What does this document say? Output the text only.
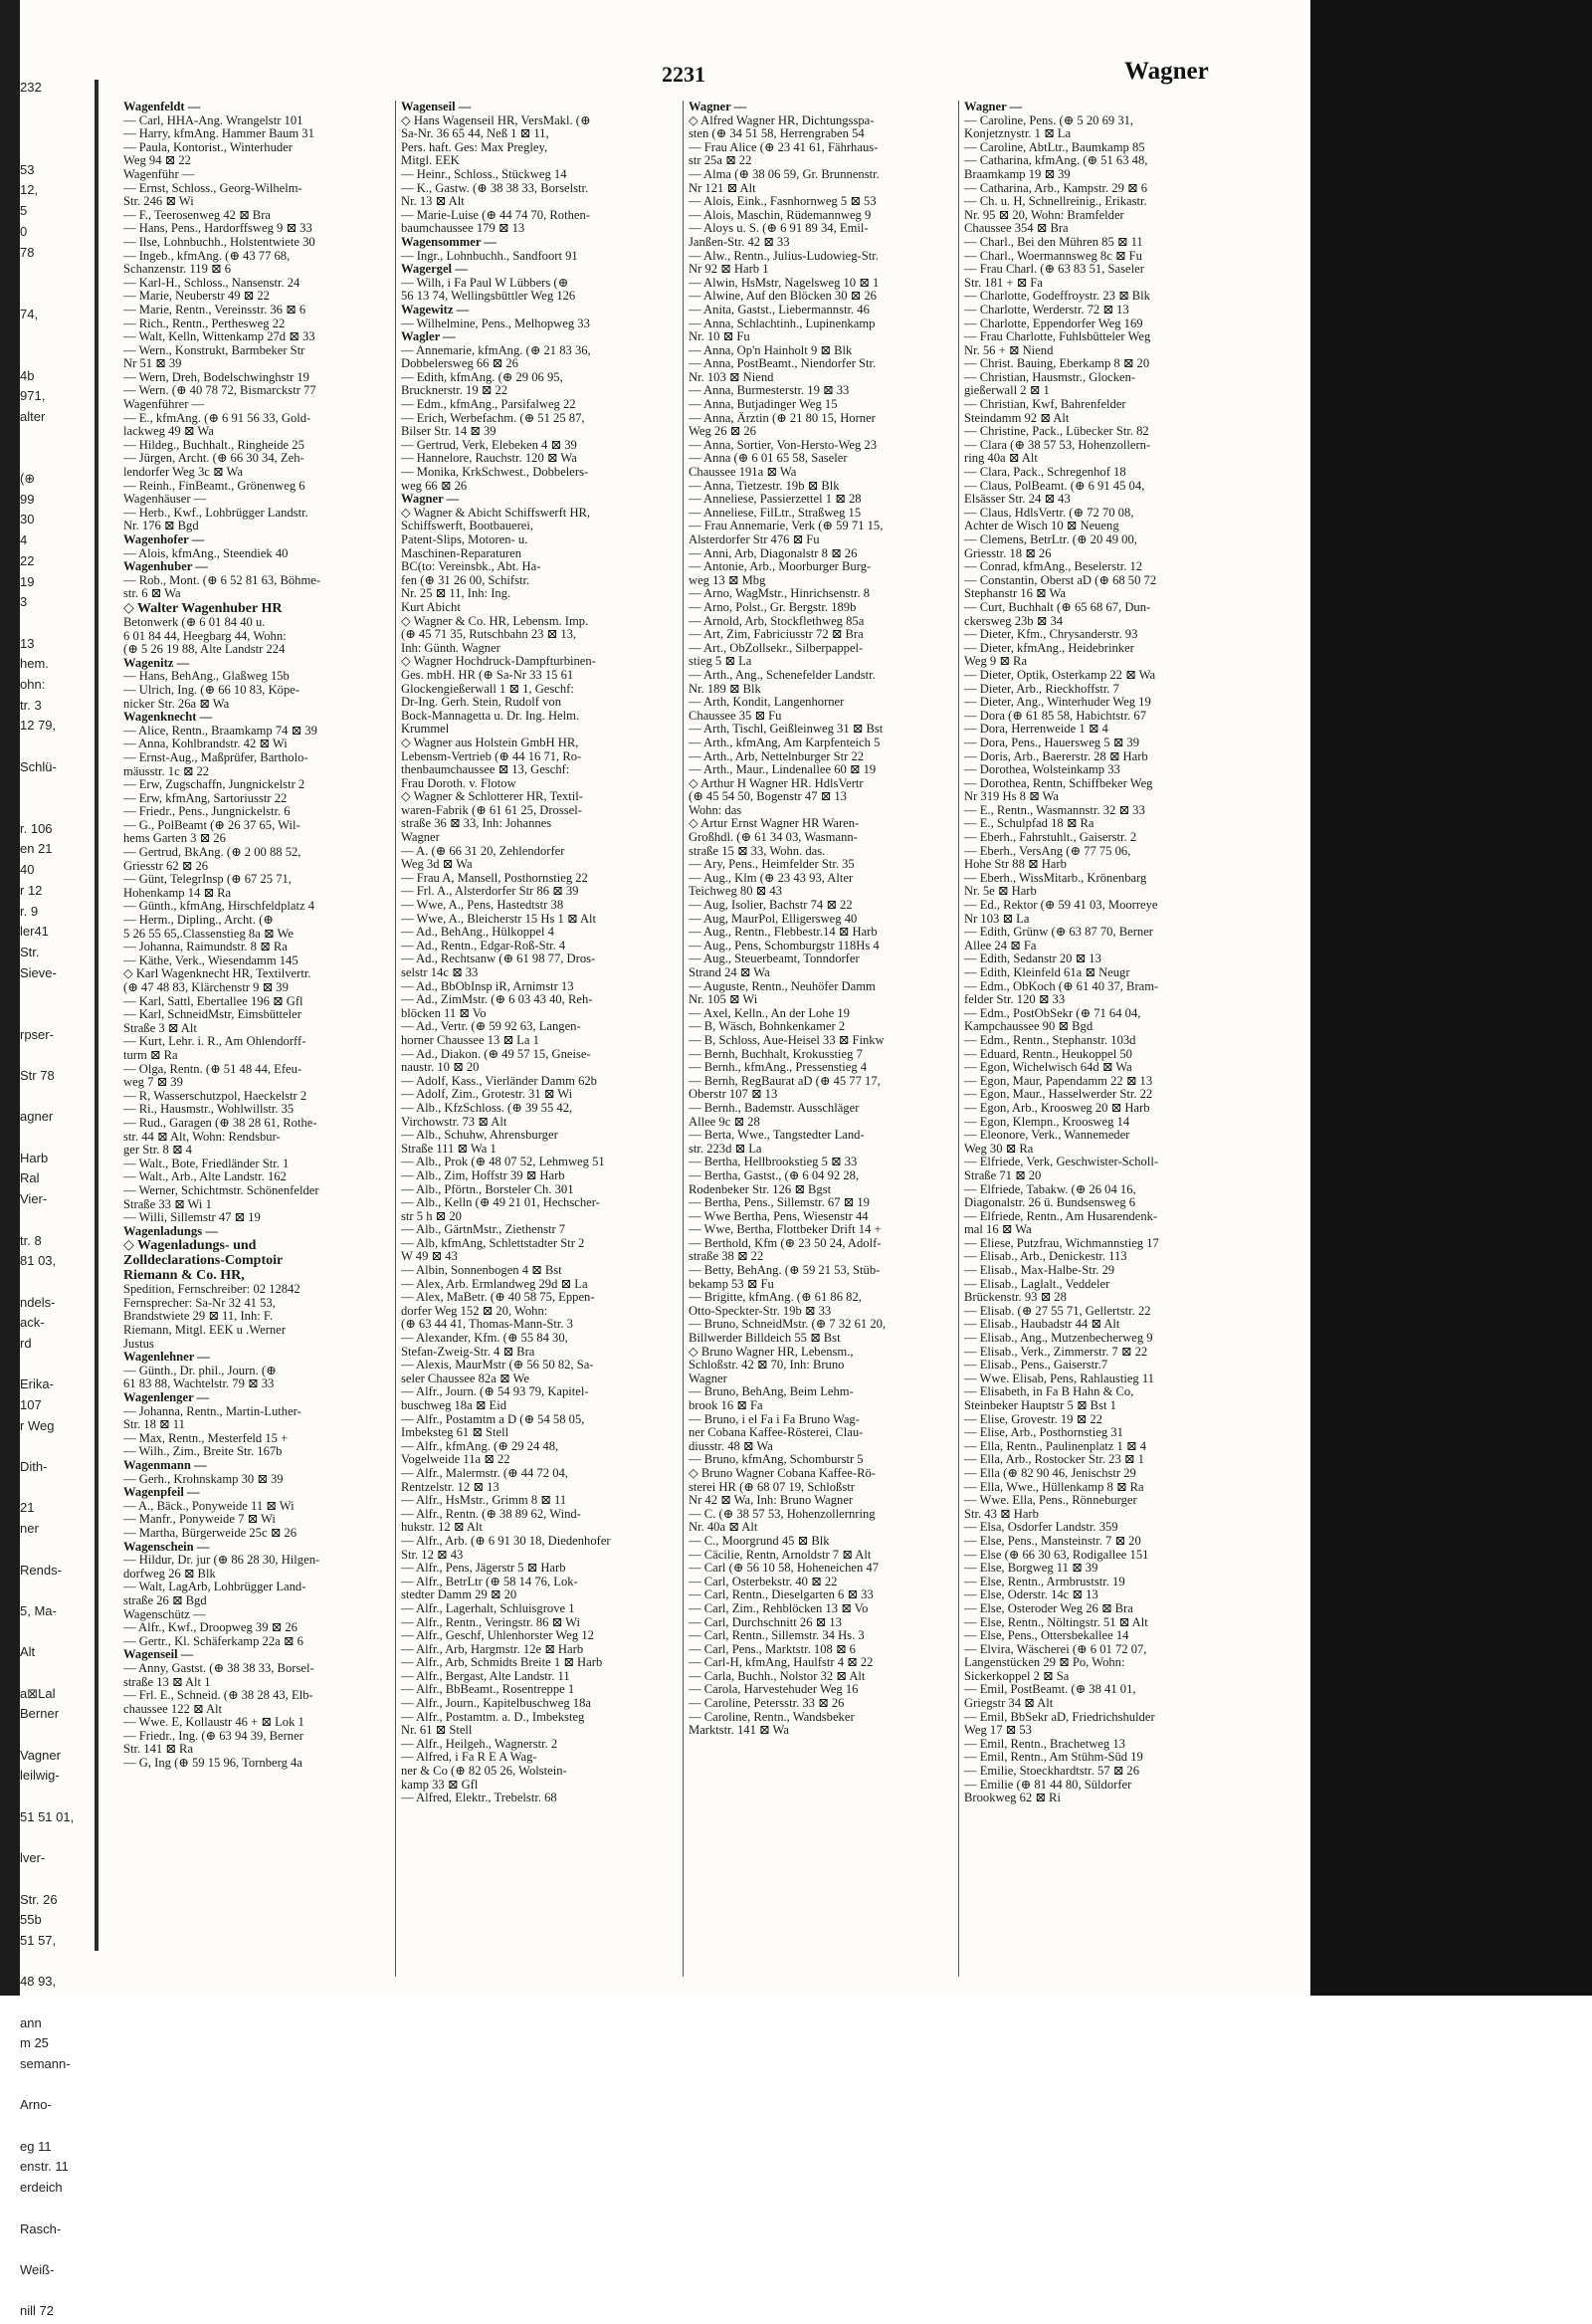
232
53
12,
5
0
78
74,
4b
971,
alter
(⊕
99
30
4
22
19
3
13
hem.
ohn:
tr. 3
12 79,
Schlü-
r. 106
en 21
40
r 12
r. 9
ler41
Str.
Sieve-
rpser-
Str 78
agner
Harb
Ral
Vier-
tr. 8
81 03,
ndels-
ack-
rd
Erika-
107
r Weg
Dith-
21
ner
Rends-
5, Ma-
Alt
a⊠Lal
Berner
Vagner
leilwig-
51 51 01,
lver-
Str. 26
55b
51 57,
48 93,
ann
m 25
semann-
Arno-
eg 11
enstr. 11
erdeich
Rasch-
Weiß-
nill 72
2231	Wagner
Wagenfeldt —
— Carl, HHA-Ang. Wrangelstr 101
— Harry, kfmAng. Hammer Baum 31
— Paula, Kontorist., Winterhuder
Weg 94 ⊠ 22
Wagenführ —
— Ernst, Schloss., Georg-Wilhelm-
Str. 246 ⊠ Wi
— F., Teerosenweg 42 ⊠ Bra
— Hans, Pens., Hardorffsweg 9 ⊠ 33
— Ilse, Lohnbuchh., Holstentwiete 30
— Ingeb., kfmAng. (⊕ 43 77 68,
Schanzenstr. 119 ⊠ 6
— Karl-H., Schloss., Nansenstr. 24
— Marie, Neuberstr 49 ⊠ 22
— Marie, Rentn., Vereinsstr. 36 ⊠ 6
— Rich., Rentn., Perthesweg 22
— Walt, Kelln, Wittenkamp 27d ⊠ 33
— Wern., Konstrukt, Barmbeker Str
Nr 51 ⊠ 39
— Wern, Dreh, Bodelschwinghstr 19
— Wern. (⊕ 40 78 72, Bismarckstr 77
Wagenführer —
— E., kfmAng. (⊕ 6 91 56 33, Gold-
lackweg 49 ⊠ Wa
— Hildeg., Buchhalt., Ringheide 25
— Jürgen, Archt. (⊕ 66 30 34, Zeh-
lendorfer Weg 3c ⊠ Wa
— Reinh., FinBeamt., Grönenweg 6
Wagenhäuser —
— Herb., Kwf., Lohbrügger Landstr.
Nr. 176 ⊠ Bgd
Wagenhofer —
— Alois, kfmAng., Steendiek 40
Wagenhuber —
— Rob., Mont. (⊕ 6 52 81 63, Böhme-
str. 6 ⊠ Wa
◇ Walter Wagenhuber HR
Betonwerk (⊕ 6 01 84 40 u.
6 01 84 44, Heegbarg 44, Wohn:
(⊕ 5 26 19 88, Alte Landstr 224
Wagenitz —
— Hans, BehAng., Glaßweg 15b
— Ulrich, Ing. (⊕ 66 10 83, Köpe-
nicker Str. 26a ⊠ Wa
Wagenknecht —
— Alice, Rentn., Braamkamp 74 ⊠ 39
— Anna, Kohlbrandstr. 42 ⊠ Wi
— Ernst-Aug., Maßprüfer, Bartholo-
mäusstr. 1c ⊠ 22
— Erw, Zugschaffn, Jungnickelstr 2
— Erw, kfmAng, Sartoriusstr 22
— Friedr., Pens., Jungnickelstr. 6
— G., PolBeamt (⊕ 26 37 65, Wil-
hems Garten 3 ⊠ 26
— Gertrud, BkAng. (⊕ 2 00 88 52,
Griesstr 62 ⊠ 26
— Günt, TelegrInsp (⊕ 67 25 71,
Hohenkamp 14 ⊠ Ra
— Günth., kfmAng, Hirschfeldplatz 4
— Herm., Dipling., Archt. (⊕
5 26 55 65,.Classenstieg 8a ⊠ We
— Johanna, Raimundstr. 8 ⊠ Ra
— Käthe, Verk., Wiesendamm 145
◇ Karl Wagenknecht HR, Textilvertr.
(⊕ 47 48 83, Klärchenstr 9 ⊠ 39
— Karl, Sattl, Ebertallee 196 ⊠ Gfl
— Karl, SchneidMstr, Eimsbütteler
Straße 3 ⊠ Alt
— Kurt, Lehr. i. R., Am Ohlendorff-
turm ⊠ Ra
— Olga, Rentn. (⊕ 51 48 44, Efeu-
weg 7 ⊠ 39
— R, Wasserschutzpol, Haeckelstr 2
— Ri., Hausmstr., Wohlwillstr. 35
— Rud., Garagen (⊕ 38 28 61, Rothe-
str. 44 ⊠ Alt, Wohn: Rendsbur-
ger Str. 8 ⊠ 4
— Walt., Bote, Friedländer Str. 1
— Walt., Arb., Alte Landstr. 162
— Werner, Schichtmstr. Schönenfelder
Straße 33 ⊠ Wi 1
— Willi, Sillemstr 47 ⊠ 19
Wagenladungs —
◇ Wagenladungs- und
Zolldeclarations-Comptoir
Riemann & Co. HR,
Spedition, Fernschreiber: 02 12842
Fernsprecher: Sa-Nr 32 41 53,
Brandstwiete 29 ⊠ 11, Inh: F.
Riemann, Mitgl. EEK u .Werner
Justus
Wagenlehner —
— Günth., Dr. phil., Journ. (⊕
61 83 88, Wachtelstr. 79 ⊠ 33
Wagenlenger —
— Johanna, Rentn., Martin-Luther-
Str. 18 ⊠ 11
— Max, Rentn., Mesterfeld 15 +
— Wilh., Zim., Breite Str. 167b
Wagenmann —
— Gerh., Krohnskamp 30 ⊠ 39
Wagenpfeil —
— A., Bäck., Ponyweide 11 ⊠ Wi
— Manfr., Ponyweide 7 ⊠ Wi
— Martha, Bürgerweide 25c ⊠ 26
Wagenschein —
— Hildur, Dr. jur (⊕ 86 28 30, Hilgen-
dorfweg 26 ⊠ Blk
— Walt, LagArb, Lohbrügger Land-
straße 26 ⊠ Bgd
Wagenschütz —
— Alfr., Kwf., Droopweg 39 ⊠ 26
— Gertr., Kl. Schäferkamp 22a ⊠ 6
Wagenseil —
— Anny, Gastst. (⊕ 38 38 33, Borsel-
straße 13 ⊠ Alt 1
— Frl. E., Schneid. (⊕ 38 28 43, Elb-
chaussee 122 ⊠ Alt
— Wwe. E, Kollaustr 46 + ⊠ Lok 1
— Friedr., Ing. (⊕ 63 94 39, Berner
Str. 141 ⊠ Ra
— G, Ing (⊕ 59 15 96, Tornberg 4a
Wagenseil —
◇ Hans Wagenseil HR, VersMakl. (⊕
Sa-Nr. 36 65 44, Neß 1 ⊠ 11,
Pers. haft. Ges: Max Pregley,
Mitgl. EEK
— Heinr., Schloss., Stückweg 14
— K., Gastw. (⊕ 38 38 33, Borselstr.
Nr. 13 ⊠ Alt
— Marie-Luise (⊕ 44 74 70, Rothen-
baumchaussee 179 ⊠ 13
Wagensommer —
— Ingr., Lohnbuchh., Sandfoort 91
Wagergel —
— Wilh, i Fa Paul W Lübbers (⊕
56 13 74, Wellingsbüttler Weg 126
Wagewitz —
— Wilhelmine, Pens., Melhopweg 33
Wagler —
— Annemarie, kfmAng. (⊕ 21 83 36,
Dobbelersweg 66 ⊠ 26
— Edith, kfmAng. (⊕ 29 06 95,
Brucknerstr. 19 ⊠ 22
— Edm., kfmAng., Parsifalweg 22
— Erich, Werbefachm. (⊕ 51 25 87,
Bilser Str. 14 ⊠ 39
— Gertrud, Verk, Elebeken 4 ⊠ 39
— Hannelore, Rauchstr. 120 ⊠ Wa
— Monika, KrkSchwest., Dobbelers-
weg 66 ⊠ 26
Wagner —
◇ Wagner & Abicht Schiffswerft HR,
Schiffswerft, Bootbauerei,
Patent-Slips, Motoren- u.
Maschinen-Reparaturen
BC(to: Vereinsbk., Abt. Ha-
fen (⊕ 31 26 00, Schifstr.
Nr. 25 ⊠ 11, Inh: Ing.
Kurt Abicht
◇ Wagner & Co. HR, Lebensm. Imp.
(⊕ 45 71 35, Rutschbahn 23 ⊠ 13,
Inh: Günth. Wagner
◇ Wagner Hochdruck-Dampfturbinen-
Ges. mbH. HR (⊕ Sa-Nr 33 15 61
Glockengießerwall 1 ⊠ 1, Geschf:
Dr-Ing. Gerh. Stein, Rudolf von
Bock-Mannagetta u. Dr. Ing. Helm.
Krummel
◇ Wagner aus Holstein GmbH HR,
Lebensm-Vertrieb (⊕ 44 16 71, Ro-
thenbaumchaussee ⊠ 13, Geschf:
Frau Doroth. v. Flotow
◇ Wagner & Schlotterer HR, Textil-
waren-Fabrik (⊕ 61 61 25, Drossel-
straße 36 ⊠ 33, Inh: Johannes
Wagner
— A. (⊕ 66 31 20, Zehlendorfer
Weg 3d ⊠ Wa
— Frau A, Mansell, Posthornstieg 22
— Frl. A., Alsterdorfer Str 86 ⊠ 39
— Wwe, A., Pens, Hastedtstr 38
— Wwe, A., Bleicherstr 15 Hs 1 ⊠ Alt
— Ad., BehAng., Hülkoppel 4
— Ad., Rentn., Edgar-Roß-Str. 4
— Ad., Rechtsanw (⊕ 61 98 77, Dros-
selstr 14c ⊠ 33
— Ad., BbObInsp iR, Arnimstr 13
— Ad., ZimMstr. (⊕ 6 03 43 40, Reh-
blöcken 11 ⊠ Vo
— Ad., Vertr. (⊕ 59 92 63, Langen-
horner Chaussee 13 ⊠ La 1
— Ad., Diakon. (⊕ 49 57 15, Gneise-
naustr. 10 ⊠ 20
— Adolf, Kass., Vierländer Damm 62b
— Adolf, Zim., Grotestr. 31 ⊠ Wi
— Alb., KfzSchloss. (⊕ 39 55 42,
Virchowstr. 73 ⊠ Alt
— Alb., Schuhw, Ahrensburger
Straße 111 ⊠ Wa 1
— Alb., Prok (⊕ 48 07 52, Lehmweg 51
— Alb., Zim, Hoffstr 39 ⊠ Harb
— Alb., Pförtn., Borsteler Ch. 301
— Alb., Kelln (⊕ 49 21 01, Hechscher-
str 5 h ⊠ 20
— Alb., GärtnMstr., Ziethenstr 7
— Alb, kfmAng, Schlettstadter Str 2
W 49 ⊠ 43
— Albin, Sonnenbogen 4 ⊠ Bst
— Alex, Arb. Ermlandweg 29d ⊠ La
— Alex, MaBetr. (⊕ 40 58 75, Eppen-
dorfer Weg 152 ⊠ 20, Wohn:
(⊕ 63 44 41, Thomas-Mann-Str. 3
— Alexander, Kfm. (⊕ 55 84 30,
Stefan-Zweig-Str. 4 ⊠ Bra
— Alexis, MaurMstr (⊕ 56 50 82, Sa-
seler Chaussee 82a ⊠ We
— Alfr., Journ. (⊕ 54 93 79, Kapitel-
buschweg 18a ⊠ Eid
— Alfr., Postamtm a D (⊕ 54 58 05,
Imbeksteg 61 ⊠ Stell
— Alfr., kfmAng. (⊕ 29 24 48,
Vogelweide 11a ⊠ 22
— Alfr., Malermstr. (⊕ 44 72 04,
Rentzelstr. 12 ⊠ 13
— Alfr., HsMstr., Grimm 8 ⊠ 11
— Alfr., Rentn. (⊕ 38 89 62, Wind-
hukstr. 12 ⊠ Alt
— Alfr., Arb. (⊕ 6 91 30 18, Diedenhofer
Str. 12 ⊠ 43
— Alfr., Pens, Jägerstr 5 ⊠ Harb
— Alfr., BetrLtr (⊕ 58 14 76, Lok-
stedter Damm 29 ⊠ 20
— Alfr., Lagerhalt, Schluisgrove 1
— Alfr., Rentn., Veringstr. 86 ⊠ Wi
— Alfr., Geschf, Uhlenhorster Weg 12
— Alfr., Arb, Hargmstr. 12e ⊠ Harb
— Alfr., Arb, Schmidts Breite 1 ⊠ Harb
— Alfr., Bergast, Alte Landstr. 11
— Alfr., BbBeamt., Rosentreppe 1
— Alfr., Journ., Kapitelbuschweg 18a
— Alfr., Postamtm. a. D., Imbeksteg
Nr. 61 ⊠ Stell
— Alfr., Heilgeh., Wagnerstr. 2
— Alfred, i Fa R E A Wag-
ner & Co (⊕ 82 05 26, Wolstein-
kamp 33 ⊠ Gfl
— Alfred, Elektr., Trebelstr. 68
Wagner —
◇ Alfred Wagner HR, Dichtungsspa-
sten (⊕ 34 51 58, Herrengraben 54
— Frau Alice (⊕ 23 41 61, Fährhaus-
str 25a ⊠ 22
— Alma (⊕ 38 06 59, Gr. Brunnenstr.
Nr 121 ⊠ Alt
— Alois, Eink., Fasnhornweg 5 ⊠ 53
— Alois, Maschin, Rüdemannweg 9
— Aloys u. S. (⊕ 6 91 89 34, Emil-
Janßen-Str. 42 ⊠ 33
— Alw., Rentn., Julius-Ludowieg-Str.
Nr 92 ⊠ Harb 1
— Alwin, HsMstr, Nagelsweg 10 ⊠ 1
— Alwine, Auf den Blöcken 30 ⊠ 26
— Anita, Gastst., Liebermannstr. 46
— Anna, Schlachtinh., Lupinenkamp
Nr. 10 ⊠ Fu
— Anna, Op'n Hainholt 9 ⊠ Blk
— Anna, PostBeamt., Niendorfer Str.
Nr. 103 ⊠ Niend
— Anna, Burmesterstr. 19 ⊠ 33
— Anna, Butjadinger Weg 15
— Anna, Ärztin (⊕ 21 80 15, Horner
Weg 26 ⊠ 26
— Anna, Sortier, Von-Hersto-Weg 23
— Anna (⊕ 6 01 65 58, Saseler
Chaussee 191a ⊠ Wa
— Anna, Tietzestr. 19b ⊠ Blk
— Anneliese, Passierzettel 1 ⊠ 28
— Anneliese, FilLtr., Straßweg 15
— Frau Annemarie, Verk (⊕ 59 71 15,
Alsterdorfer Str 476 ⊠ Fu
— Anni, Arb, Diagonalstr 8 ⊠ 26
— Antonie, Arb., Moorburger Burg-
weg 13 ⊠ Mbg
— Arno, WagMstr., Hinrichsenstr. 8
— Arno, Polst., Gr. Bergstr. 189b
— Arnold, Arb, Stockflethweg 85a
— Art, Zim, Fabriciusstr 72 ⊠ Bra
— Art., ObZollsekr., Silberpappel-
stieg 5 ⊠ La
— Arth., Ang., Schenefelder Landstr.
Nr. 189 ⊠ Blk
— Arth, Kondit, Langenhorner
Chaussee 35 ⊠ Fu
— Arth, Tischl, Geißleinweg 31 ⊠ Bst
— Arth., kfmAng, Am Karpfenteich 5
— Arth., Arb, Nettelnburger Str 22
— Arth., Maur., Lindenallee 60 ⊠ 19
◇ Arthur H Wagner HR. HdlsVertr
(⊕ 45 54 50, Bogenstr 47 ⊠ 13
Wohn: das
◇ Artur Ernst Wagner HR Waren-
Großhdl. (⊕ 61 34 03, Wasmann-
straße 15 ⊠ 33, Wohn. das.
— Ary, Pens., Heimfelder Str. 35
— Aug., Klm (⊕ 23 43 93, Alter
Teichweg 80 ⊠ 43
— Aug, Isolier, Bachstr 74 ⊠ 22
— Aug, MaurPol, Elligersweg 40
— Aug., Rentn., Flebbestr.14 ⊠ Harb
— Aug., Pens, Schomburgstr 118Hs 4
— Aug., Steuerbeamt, Tonndorfer
Strand 24 ⊠ Wa
— Auguste, Rentn., Neuhöfer Damm
Nr. 105 ⊠ Wi
— Axel, Kelln., An der Lohe 19
— B, Wäsch, Bohnkenkamer 2
— B, Schloss, Aue-Heisel 33 ⊠ Finkw
— Bernh, Buchhalt, Krokusstieg 7
— Bernh., kfmAng., Pressenstieg 4
— Bernh, RegBaurat aD (⊕ 45 77 17,
Oberstr 107 ⊠ 13
— Bernh., Bademstr. Ausschläger
Allee 9c ⊠ 28
— Berta, Wwe., Tangstedter Land-
str. 223d ⊠ La
— Bertha, Hellbrookstieg 5 ⊠ 33
— Bertha, Gastst., (⊕ 6 04 92 28,
Rodenbeker Str. 126 ⊠ Bgst
— Bertha, Pens., Sillemstr. 67 ⊠ 19
— Wwe Bertha, Pens, Wiesenstr 44
— Wwe, Bertha, Flottbeker Drift 14 +
— Berthold, Kfm (⊕ 23 50 24, Adolf-
straße 38 ⊠ 22
— Betty, BehAng. (⊕ 59 21 53, Stüb-
bekamp 53 ⊠ Fu
— Brigitte, kfmAng. (⊕ 61 86 82,
Otto-Speckter-Str. 19b ⊠ 33
— Bruno, SchneidMstr. (⊕ 7 32 61 20,
Billwerder Billdeich 55 ⊠ Bst
◇ Bruno Wagner HR, Lebensm.,
Schloßstr. 42 ⊠ 70, Inh: Bruno
Wagner
— Bruno, BehAng, Beim Lehm-
brook 16 ⊠ Fa
— Bruno, i el Fa i Fa Bruno Wag-
ner Cobana Kaffee-Rösterei, Clau-
diusstr. 48 ⊠ Wa
— Bruno, kfmAng, Schomburstr 5
◇ Bruno Wagner Cobana Kaffee-Rö-
sterei HR (⊕ 68 07 19, Schloßstr
Nr 42 ⊠ Wa, Inh: Bruno Wagner
— C. (⊕ 38 57 53, Hohenzollernring
Nr. 40a ⊠ Alt
— C., Moorgrund 45 ⊠ Blk
— Cäcilie, Rentn, Arnoldstr 7 ⊠ Alt
— Carl (⊕ 56 10 58, Hoheneichen 47
— Carl, Osterbekstr. 40 ⊠ 22
— Carl, Rentn., Dieselgarten 6 ⊠ 33
— Carl, Zim., Rehblöcken 13 ⊠ Vo
— Carl, Durchschnitt 26 ⊠ 13
— Carl, Rentn., Sillemstr. 34 Hs. 3
— Carl, Pens., Marktstr. 108 ⊠ 6
— Carl-H, kfmAng, Haulfstr 4 ⊠ 22
— Carla, Buchh., Nolstor 32 ⊠ Alt
— Carola, Harvestehuder Weg 16
— Caroline, Petersstr. 33 ⊠ 26
— Caroline, Rentn., Wandsbeker
Marktstr. 141 ⊠ Wa
Wagner —
— Caroline, Pens. (⊕ 5 20 69 31,
Konjetznystr. 1 ⊠ La
— Caroline, AbtLtr., Baumkamp 85
— Catharina, kfmAng. (⊕ 51 63 48,
Braamkamp 19 ⊠ 39
— Catharina, Arb., Kampstr. 29 ⊠ 6
— Ch. u. H, Schnellreinig., Erikastr.
Nr. 95 ⊠ 20, Wohn: Bramfelder
Chaussee 354 ⊠ Bra
— Charl., Bei den Mühren 85 ⊠ 11
— Charl., Woermannsweg 8c ⊠ Fu
— Frau Charl. (⊕ 63 83 51, Saseler
Str. 181 + ⊠ Fa
— Charlotte, Godeffroystr. 23 ⊠ Blk
— Charlotte, Werderstr. 72 ⊠ 13
— Charlotte, Eppendorfer Weg 169
— Frau Charlotte, Fuhlsbütteler Weg
Nr. 56 + ⊠ Niend
— Christ. Bauing, Eberkamp 8 ⊠ 20
— Christian, Hausmstr., Glocken-
gießerwall 2 ⊠ 1
— Christian, Kwf, Bahrenfelder
Steindamm 92 ⊠ Alt
— Christine, Pack., Lübecker Str. 82
— Clara (⊕ 38 57 53, Hohenzollern-
ring 40a ⊠ Alt
— Clara, Pack., Schregenhof 18
— Claus, PolBeamt. (⊕ 6 91 45 04,
Elsässer Str. 24 ⊠ 43
— Claus, HdlsVertr. (⊕ 72 70 08,
Achter de Wisch 10 ⊠ Neueng
— Clemens, BetrLtr. (⊕ 20 49 00,
Griesstr. 18 ⊠ 26
— Conrad, kfmAng., Beselerstr. 12
— Constantin, Oberst aD (⊕ 68 50 72
Stephanstr 16 ⊠ Wa
— Curt, Buchhalt (⊕ 65 68 67, Dun-
ckersweg 23b ⊠ 34
— Dieter, Kfm., Chrysanderstr. 93
— Dieter, kfmAng., Heidebrinker
Weg 9 ⊠ Ra
— Dieter, Optik, Osterkamp 22 ⊠ Wa
— Dieter, Arb., Rieckhoffstr. 7
— Dieter, Ang., Winterhuder Weg 19
— Dora (⊕ 61 85 58, Habichtstr. 67
— Dora, Herrenweide 1 ⊠ 4
— Dora, Pens., Hauersweg 5 ⊠ 39
— Doris, Arb., Baererstr. 28 ⊠ Harb
— Dorothea, Wolsteinkamp 33
— Dorothea, Rentn, Schiffbeker Weg
Nr 319 Hs 8 ⊠ Wa
— E., Rentn., Wasmannstr. 32 ⊠ 33
— E., Schulpfad 18 ⊠ Ra
— Eberh., Fahrstuhlt., Gaiserstr. 2
— Eberh., VersAng (⊕ 77 75 06,
Hohe Str 88 ⊠ Harb
— Eberh., WissMitarb., Krönenbarg
Nr. 5e ⊠ Harb
— Ed., Rektor (⊕ 59 41 03, Moorreye
Nr 103 ⊠ La
— Edith, Grünw (⊕ 63 87 70, Berner
Allee 24 ⊠ Fa
— Edith, Sedanstr 20 ⊠ 13
— Edith, Kleinfeld 61a ⊠ Neugr
— Edm., ObKoch (⊕ 61 40 37, Bram-
felder Str. 120 ⊠ 33
— Edm., PostObSekr (⊕ 71 64 04,
Kampchaussee 90 ⊠ Bgd
— Edm., Rentn., Stephanstr. 103d
— Eduard, Rentn., Heukoppel 50
— Egon, Wichelwisch 64d ⊠ Wa
— Egon, Maur, Papendamm 22 ⊠ 13
— Egon, Maur., Hasselwerder Str. 22
— Egon, Arb., Kroosweg 20 ⊠ Harb
— Egon, Klempn., Kroosweg 14
— Eleonore, Verk., Wannemeder
Weg 30 ⊠ Ra
— Elfriede, Verk, Geschwister-Scholl-
Straße 71 ⊠ 20
— Elfriede, Tabakw. (⊕ 26 04 16,
Diagonalstr. 26 ü. Bundsensweg 6
— Elfriede, Rentn., Am Husarendenk-
mal 16 ⊠ Wa
— Eliese, Putzfrau, Wichmannstieg 17
— Elisab., Arb., Denickestr. 113
— Elisab., Max-Halbe-Str. 29
— Elisab., Laglalt., Veddeler
Brückenstr. 93 ⊠ 28
— Elisab. (⊕ 27 55 71, Gellertstr. 22
— Elisab., Haubadstr 44 ⊠ Alt
— Elisab., Ang., Mutzenbecherweg 9
— Elisab., Verk., Zimmerstr. 7 ⊠ 22
— Elisab., Pens., Gaiserstr.7
— Wwe. Elisab, Pens, Rahlaustieg 11
— Elisabeth, in Fa B Hahn & Co,
Steinbeker Hauptstr 5 ⊠ Bst 1
— Elise, Grovestr. 19 ⊠ 22
— Elise, Arb., Posthornstieg 31
— Ella, Rentn., Paulinenplatz 1 ⊠ 4
— Ella, Arb., Rostocker Str. 23 ⊠ 1
— Ella (⊕ 82 90 46, Jenischstr 29
— Ella, Wwe., Hüllenkamp 8 ⊠ Ra
— Wwe. Ella, Pens., Rönneburger
Str. 43 ⊠ Harb
— Elsa, Osdorfer Landstr. 359
— Else, Pens., Mansteinstr. 7 ⊠ 20
— Else (⊕ 66 30 63, Rodigallee 151
— Else, Borgweg 11 ⊠ 39
— Else, Rentn., Armbruststr. 19
— Else, Oderstr. 14c ⊠ 13
— Else, Osteroder Weg 26 ⊠ Bra
— Else, Rentn., Nöltingstr. 51 ⊠ Alt
— Else, Pens., Ottersbekallee 14
— Elvira, Wäscherei (⊕ 6 01 72 07,
Langenstücken 29 ⊠ Po, Wohn:
Sickerkoppel 2 ⊠ Sa
— Emil, PostBeamt. (⊕ 38 41 01,
Griegstr 34 ⊠ Alt
— Emil, BbSekr aD, Friedrichshulder
Weg 17 ⊠ 53
— Emil, Rentn., Brachetweg 13
— Emil, Rentn., Am Stühm-Süd 19
— Emilie, Stoeckhardtstr. 57 ⊠ 26
— Emilie (⊕ 81 44 80, Süldorfer
Brookweg 62 ⊠ Ri
